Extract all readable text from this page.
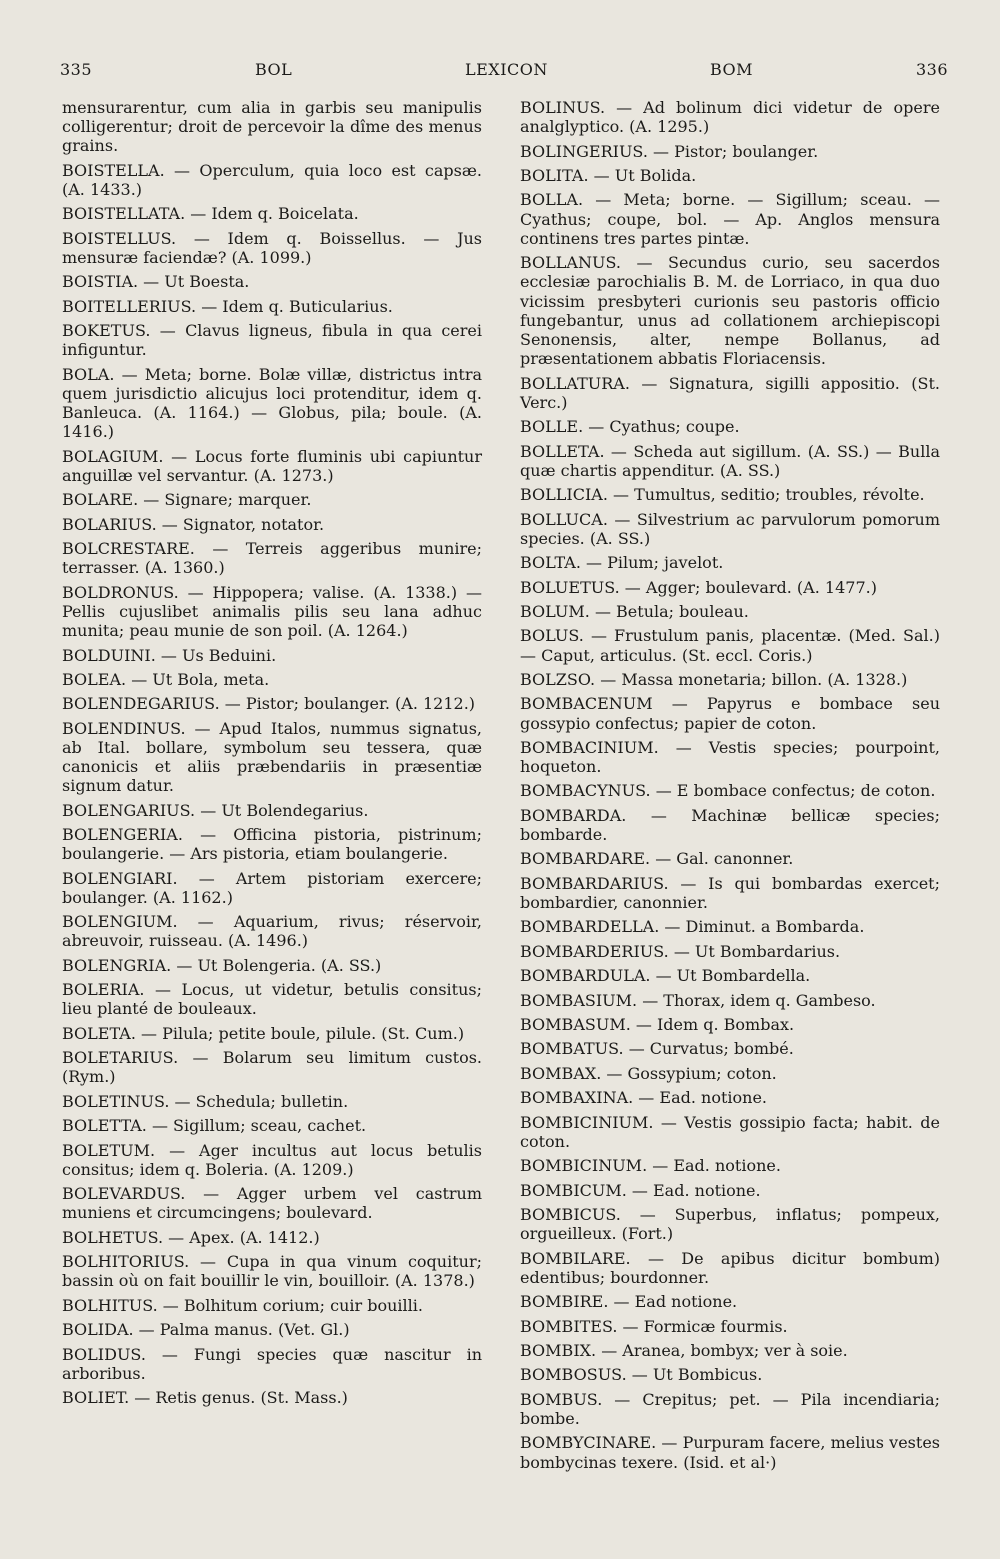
335	BOL	LEXICON	BOM	336

mensurarentur, cum alia in garbis seu manipulis colligerentur; droit de percevoir la dîme des menus grains.

BOISTELLA. — Operculum, quia loco est capsæ. (A. 1433.)

BOISTELLATA. — Idem q. Boicelata.

BOISTELLUS. — Idem q. Boissellus. — Jus mensuræ faciendæ? (A. 1099.)

BOISTIA. — Ut Boesta.

BOITELLERIUS. — Idem q. Buticularius.

BOKETUS. — Clavus ligneus, fibula in qua cerei infiguntur.

BOLA. — Meta; borne. Bolæ villæ, districtus intra quem jurisdictio alicujus loci protenditur, idem q. Banleuca. (A. 1164.) — Globus, pila; boule. (A. 1416.)

BOLAGIUM. — Locus forte fluminis ubi capiuntur anguillæ vel servantur. (A. 1273.)

BOLARE. — Signare; marquer.

BOLARIUS. — Signator, notator.

BOLCRESTARE. — Terreis aggeribus munire; terrasser. (A. 1360.)

BOLDRONUS. — Hippopera; valise. (A. 1338.) — Pellis cujuslibet animalis pilis seu lana adhuc munita; peau munie de son poil. (A. 1264.)

BOLDUINI. — Us Beduini.

BOLEA. — Ut Bola, meta.

BOLENDEGARIUS. — Pistor; boulanger. (A. 1212.)

BOLENDINUS. — Apud Italos, nummus signatus, ab Ital. bollare, symbolum seu tessera, quæ canonicis et aliis præbendariis in præsentiæ signum datur.

BOLENGARIUS. — Ut Bolendegarius.

BOLENGERIA. — Officina pistoria, pistrinum; boulangerie. — Ars pistoria, etiam boulangerie.

BOLENGIARI. — Artem pistoriam exercere; boulanger. (A. 1162.)

BOLENGIUM. — Aquarium, rivus; réservoir, abreuvoir, ruisseau. (A. 1496.)

BOLENGRIA. — Ut Bolengeria. (A. SS.)

BOLERIA. — Locus, ut videtur, betulis consitus; lieu planté de bouleaux.

BOLETA. — Pilula; petite boule, pilule. (St. Cum.)

BOLETARIUS. — Bolarum seu limitum custos. (Rym.)

BOLETINUS. — Schedula; bulletin.

BOLETTA. — Sigillum; sceau, cachet.

BOLETUM. — Ager incultus aut locus betulis consitus; idem q. Boleria. (A. 1209.)

BOLEVARDUS. — Agger urbem vel castrum muniens et circumcingens; boulevard.

BOLHETUS. — Apex. (A. 1412.)

BOLHITORIUS. — Cupa in qua vinum coquitur; bassin où on fait bouillir le vin, bouilloir. (A. 1378.)

BOLHITUS. — Bolhitum corium; cuir bouilli.

BOLIDA. — Palma manus. (Vet. Gl.)

BOLIDUS. — Fungi species quæ nascitur in arboribus.

BOLIET. — Retis genus. (St. Mass.)

BOLINUS. — Ad bolinum dici videtur de opere analglyptico. (A. 1295.)

BOLINGERIUS. — Pistor; boulanger.

BOLITA. — Ut Bolida.

BOLLA. — Meta; borne. — Sigillum; sceau. — Cyathus; coupe, bol. — Ap. Anglos mensura continens tres partes pintæ.

BOLLANUS. — Secundus curio, seu sacerdos ecclesiæ parochialis B. M. de Lorriaco, in qua duo vicissim presbyteri curionis seu pastoris officio fungebantur, unus ad collationem archiepiscopi Senonensis, alter, nempe Bollanus, ad præsentationem abbatis Floriacensis.

BOLLATURA. — Signatura, sigilli appositio. (St. Verc.)

BOLLE. — Cyathus; coupe.

BOLLETA. — Scheda aut sigillum. (A. SS.) — Bulla quæ chartis appenditur. (A. SS.)

BOLLICIA. — Tumultus, seditio; troubles, révolte.

BOLLUCA. — Silvestrium ac parvulorum pomorum species. (A. SS.)

BOLTA. — Pilum; javelot.

BOLUETUS. — Agger; boulevard. (A. 1477.)

BOLUM. — Betula; bouleau.

BOLUS. — Frustulum panis, placentæ. (Med. Sal.) — Caput, articulus. (St. eccl. Coris.)

BOLZSO. — Massa monetaria; billon. (A. 1328.)

BOMBACENUM — Papyrus e bombace seu gossypio confectus; papier de coton.

BOMBACINIUM. — Vestis species; pourpoint, hoqueton.

BOMBACYNUS. — E bombace confectus; de coton.

BOMBARDA. — Machinæ bellicæ species; bombarde.

BOMBARDARE. — Gal. canonner.

BOMBARDARIUS. — Is qui bombardas exercet; bombardier, canonnier.

BOMBARDELLA. — Diminut. a Bombarda.

BOMBARDERIUS. — Ut Bombardarius.

BOMBARDULA. — Ut Bombardella.

BOMBASIUM. — Thorax, idem q. Gambeso.

BOMBASUM. — Idem q. Bombax.

BOMBATUS. — Curvatus; bombé.

BOMBAX. — Gossypium; coton.

BOMBAXINA. — Ead. notione.

BOMBICINIUM. — Vestis gossipio facta; habit. de coton.

BOMBICINUM. — Ead. notione.

BOMBICUM. — Ead. notione.

BOMBICUS. — Superbus, inflatus; pompeux, orgueilleux. (Fort.)

BOMBILARE. — De apibus dicitur bombum) edentibus; bourdonner.

BOMBIRE. — Ead notione.

BOMBITES. — Formicæ fourmis.

BOMBIX. — Aranea, bombyx; ver à soie.

BOMBOSUS. — Ut Bombicus.

BOMBUS. — Crepitus; pet. — Pila incendiaria; bombe.

BOMBYCINARE. — Purpuram facere, melius vestes bombycinas texere. (Isid. et al·)
